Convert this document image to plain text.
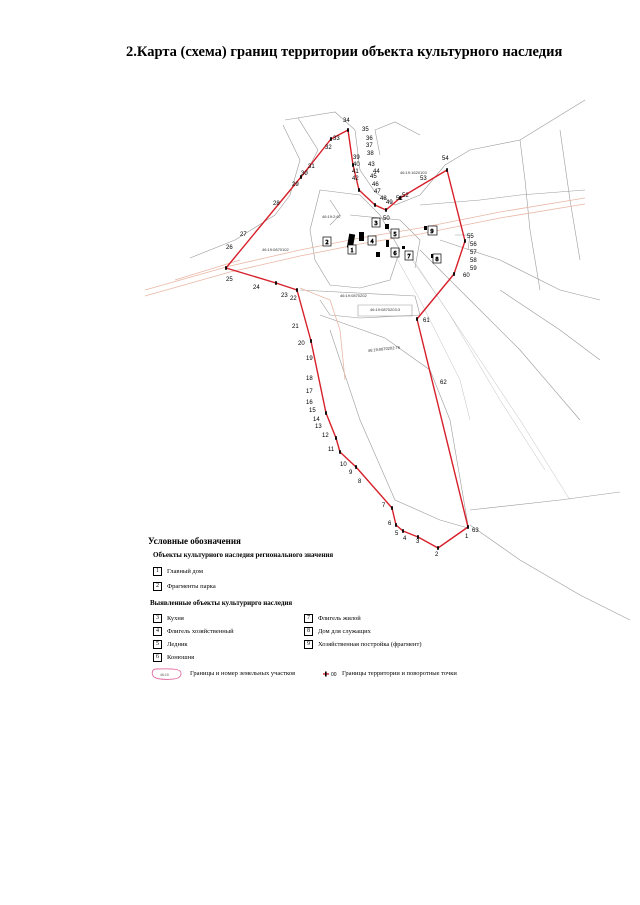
2.Карта (схема) границ территории объекта культурного наследия
46:19:1620103
46:19:2:67
46:19:0870102
46:19:0870202
46:19:0870203:3
46:19:0870202:76
1
2
3
4
5
6 7	8
9
1
2
3
4
5
6
7
8
9
10
11
12
13
14
15
16
17
18
19
20
21
22
23
24
25
26
27
28
29
30
31
32
33
34
35
36
37
38
39
40
41
42
43
44
45
46
47
48
49
50
51 52
53
54
55
56
57
58
59
60
61
62
63
Условные обозначения
Объекты культурного наследия регионального значения
1 Главный дом
2 Фрагменты парка
Выявленные объекты культурирго наследия
3 Кухня
4 Флигель хозяйственный
5 Ледник
6 Конюшня
7 Флигель жилой
8 Дом для служащих
9 Хозяйственная постройка (фрагмент)
46:19	Границы и номер земельных участков	00 Границы территории и поворотные точки
